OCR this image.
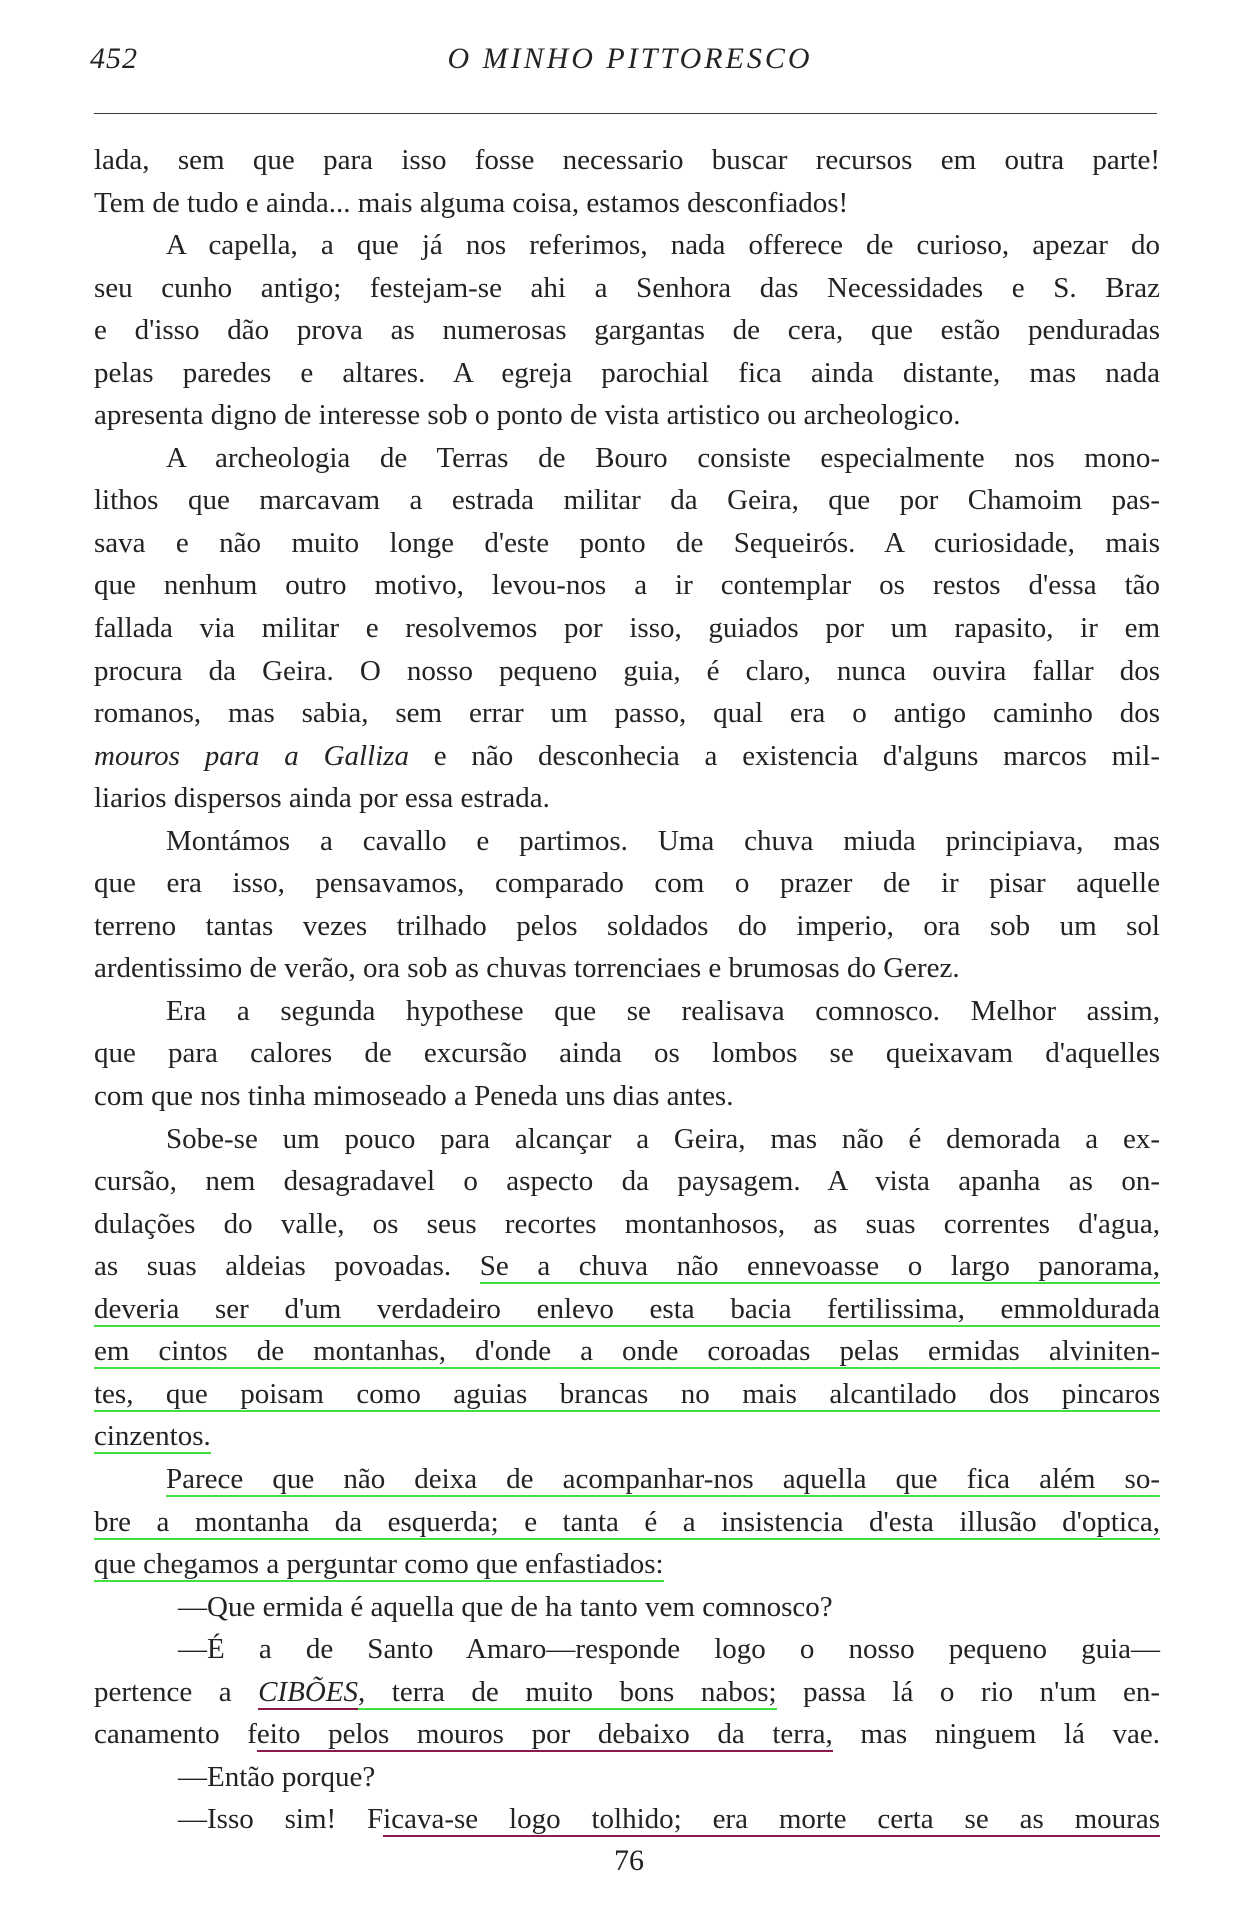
452	O MINHO PITTORESCO
lada, sem que para isso fosse necessario buscar recursos em outra parte!
Tem de tudo e ainda... mais alguma coisa, estamos desconfiados!
A capella, a que já nos referimos, nada offerece de curioso, apezar do
seu cunho antigo; festejam-se ahi a Senhora das Necessidades e S. Braz
e d'isso dão prova as numerosas gargantas de cera, que estão penduradas
pelas paredes e altares. A egreja parochial fica ainda distante, mas nada
apresenta digno de interesse sob o ponto de vista artistico ou archeologico.
A archeologia de Terras de Bouro consiste especialmente nos mono-
lithos que marcavam a estrada militar da Geira, que por Chamoim pas-
sava e não muito longe d'este ponto de Sequeirós. A curiosidade, mais
que nenhum outro motivo, levou-nos a ir contemplar os restos d'essa tão
fallada via militar e resolvemos por isso, guiados por um rapasito, ir em
procura da Geira. O nosso pequeno guia, é claro, nunca ouvira fallar dos
romanos, mas sabia, sem errar um passo, qual era o antigo caminho dos
mouros para a Galliza e não desconhecia a existencia d'alguns marcos mil-
liarios dispersos ainda por essa estrada.
Montámos a cavallo e partimos. Uma chuva miuda principiava, mas
que era isso, pensavamos, comparado com o prazer de ir pisar aquelle
terreno tantas vezes trilhado pelos soldados do imperio, ora sob um sol
ardentissimo de verão, ora sob as chuvas torrenciaes e brumosas do Gerez.
Era a segunda hypothese que se realisava comnosco. Melhor assim,
que para calores de excursão ainda os lombos se queixavam d'aquelles
com que nos tinha mimoseado a Peneda uns dias antes.
Sobe-se um pouco para alcançar a Geira, mas não é demorada a ex-
cursão, nem desagradavel o aspecto da paysagem. A vista apanha as on-
dulações do valle, os seus recortes montanhosos, as suas correntes d'agua,
as suas aldeias povoadas. Se a chuva não ennevoasse o largo panorama,
deveria ser d'um verdadeiro enlevo esta bacia fertilissima, emmoldurada
em cintos de montanhas, d'onde a onde coroadas pelas ermidas alviniten-
tes, que poisam como aguias brancas no mais alcantilado dos pincaros
cinzentos.
Parece que não deixa de acompanhar-nos aquella que fica além so-
bre a montanha da esquerda; e tanta é a insistencia d'esta illusão d'optica,
que chegamos a perguntar como que enfastiados:
—Que ermida é aquella que de ha tanto vem comnosco?
—É a de Santo Amaro—responde logo o nosso pequeno guia—
pertence a CIBÕES, terra de muito bons nabos; passa lá o rio n'um en-
canamento feito pelos mouros por debaixo da terra, mas ninguem lá vae.
—Então porque?
—Isso sim! Ficava-se logo tolhido; era morte certa se as mouras
76
